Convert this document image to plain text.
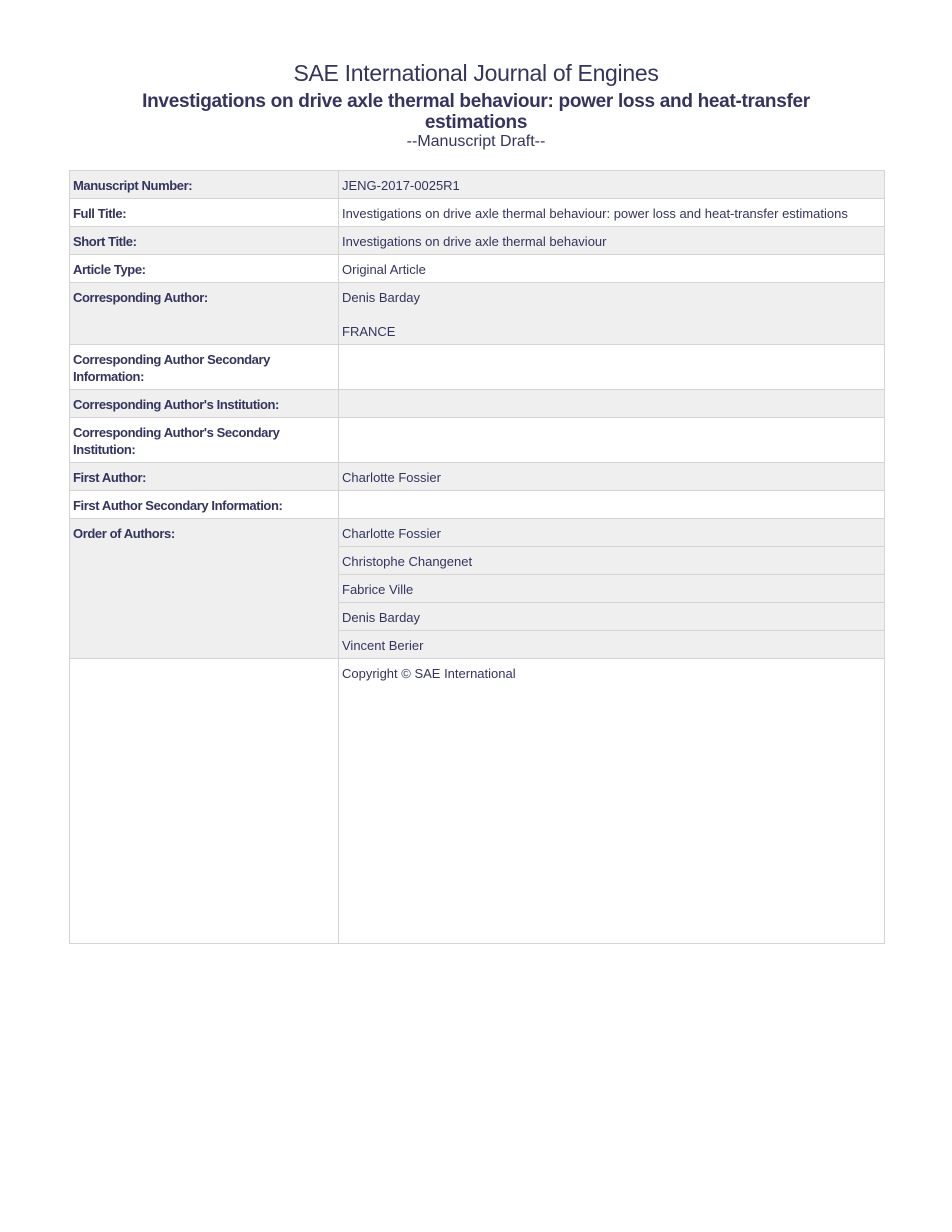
SAE International Journal of Engines
Investigations on drive axle thermal behaviour: power loss and heat-transfer estimations
--Manuscript Draft--
Manuscript Number:	JENG-2017-0025R1
Full Title:	Investigations on drive axle thermal behaviour: power loss and heat-transfer estimations
Short Title:	Investigations on drive axle thermal behaviour
Article Type:	Original Article
Corresponding Author:	Denis Barday
FRANCE
Corresponding Author Secondary Information:	
Corresponding Author's Institution:	
Corresponding Author's Secondary Institution:	
First Author:	Charlotte Fossier
First Author Secondary Information:	
Order of Authors:	Charlotte Fossier
	Christophe Changenet
	Fabrice Ville
	Denis Barday
	Vincent Berier
	Copyright © SAE International
